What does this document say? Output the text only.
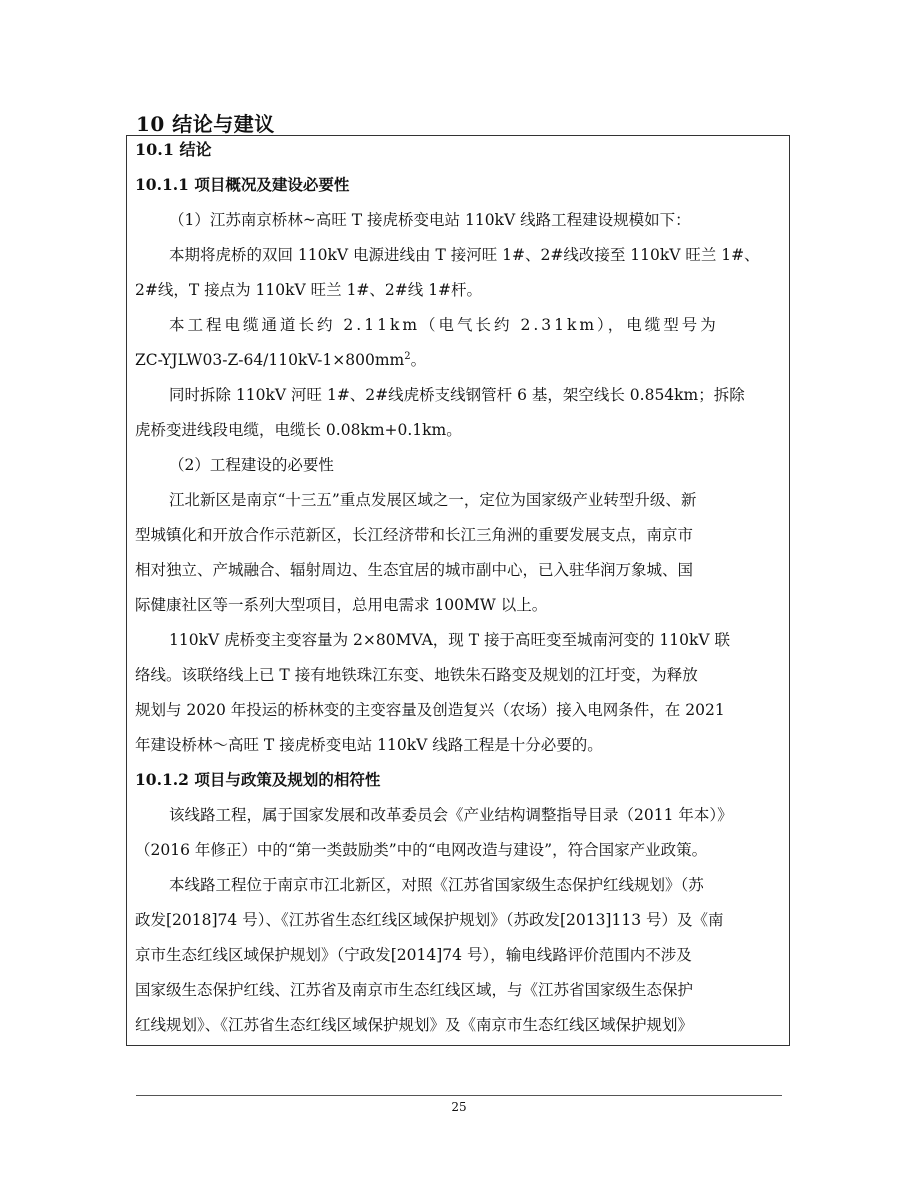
10 结论与建议
10.1 结论
10.1.1 项目概况及建设必要性
（1）江苏南京桥林~高旺 T 接虎桥变电站 110kV 线路工程建设规模如下：
本期将虎桥的双回 110kV 电源进线由 T 接河旺 1#、2#线改接至 110kV 旺兰 1#、
2#线，T 接点为 110kV 旺兰 1#、2#线 1#杆。
本工程电缆通道长约 2.11km（电气长约 2.31km），电缆型号为
$ZC-YJLW03-Z-64/110kV-1\times 800mm^2$。
同时拆除 110kV 河旺 1#、2#线虎桥支线钢管杆 6 基，架空线长 0.854km；拆除
虎桥变进线段电缆，电缆长 0.08km+0.1km。
（2）工程建设的必要性
江北新区是南京“十三五”重点发展区域之一，定位为国家级产业转型升级、新
型城镇化和开放合作示范新区，长江经济带和长江三角洲的重要发展支点，南京市
相对独立、产城融合、辐射周边、生态宜居的城市副中心，已入驻华润万象城、国
际健康社区等一系列大型项目，总用电需求 100MW 以上。
110kV 虎桥变主变容量为 2×80MVA，现 T 接于高旺变至城南河变的 110kV 联
络线。该联络线上已 T 接有地铁珠江东变、地铁朱石路变及规划的江圩变，为释放
规划与 2020 年投运的桥林变的主变容量及创造复兴（农场）接入电网条件，在 2021
年建设桥林～高旺 T 接虎桥变电站 110kV 线路工程是十分必要的。
10.1.2 项目与政策及规划的相符性
该线路工程，属于国家发展和改革委员会《产业结构调整指导目录（2011 年本）》
（2016 年修正）中的“第一类鼓励类”中的“电网改造与建设”，符合国家产业政策。
本线路工程位于南京市江北新区，对照《江苏省国家级生态保护红线规划》（苏
政发[2018]74 号）、《江苏省生态红线区域保护规划》（苏政发[2013]113 号）及《南
京市生态红线区域保护规划》（宁政发[2014]74 号），输电线路评价范围内不涉及
国家级生态保护红线、江苏省及南京市生态红线区域，与《江苏省国家级生态保护
红线规划》、《江苏省生态红线区域保护规划》及《南京市生态红线区域保护规划》
25
